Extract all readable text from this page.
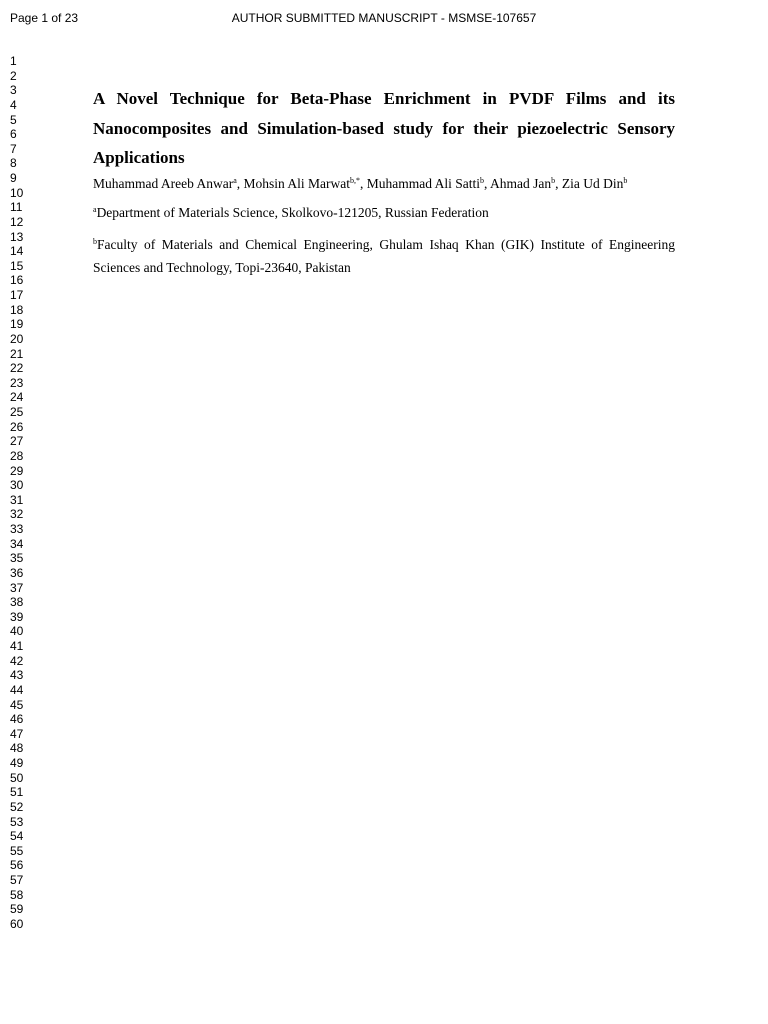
Page 1 of 23	AUTHOR SUBMITTED MANUSCRIPT - MSMSE-107657
1
2
3
4
5
6
7
8
9
10
11
12
13
14
15
16
17
18
19
20
21
22
23
24
25
26
27
28
29
30
31
32
33
34
35
36
37
38
39
40
41
42
43
44
45
46
47
48
49
50
51
52
53
54
55
56
57
58
59
60

A Novel Technique for Beta-Phase Enrichment in PVDF Films and its Nanocomposites and Simulation-based study for their piezoelectric Sensory Applications

Muhammad Areeb Anwar$^a$, Mohsin Ali Marwat$^{b,*}$, Muhammad Ali Satti$^b$, Ahmad Jan$^b$, Zia Ud Din$^b$

$^a$Department of Materials Science, Skolkovo-121205, Russian Federation

$^b$Faculty of Materials and Chemical Engineering, Ghulam Ishaq Khan (GIK) Institute of Engineering Sciences and Technology, Topi-23640, Pakistan
